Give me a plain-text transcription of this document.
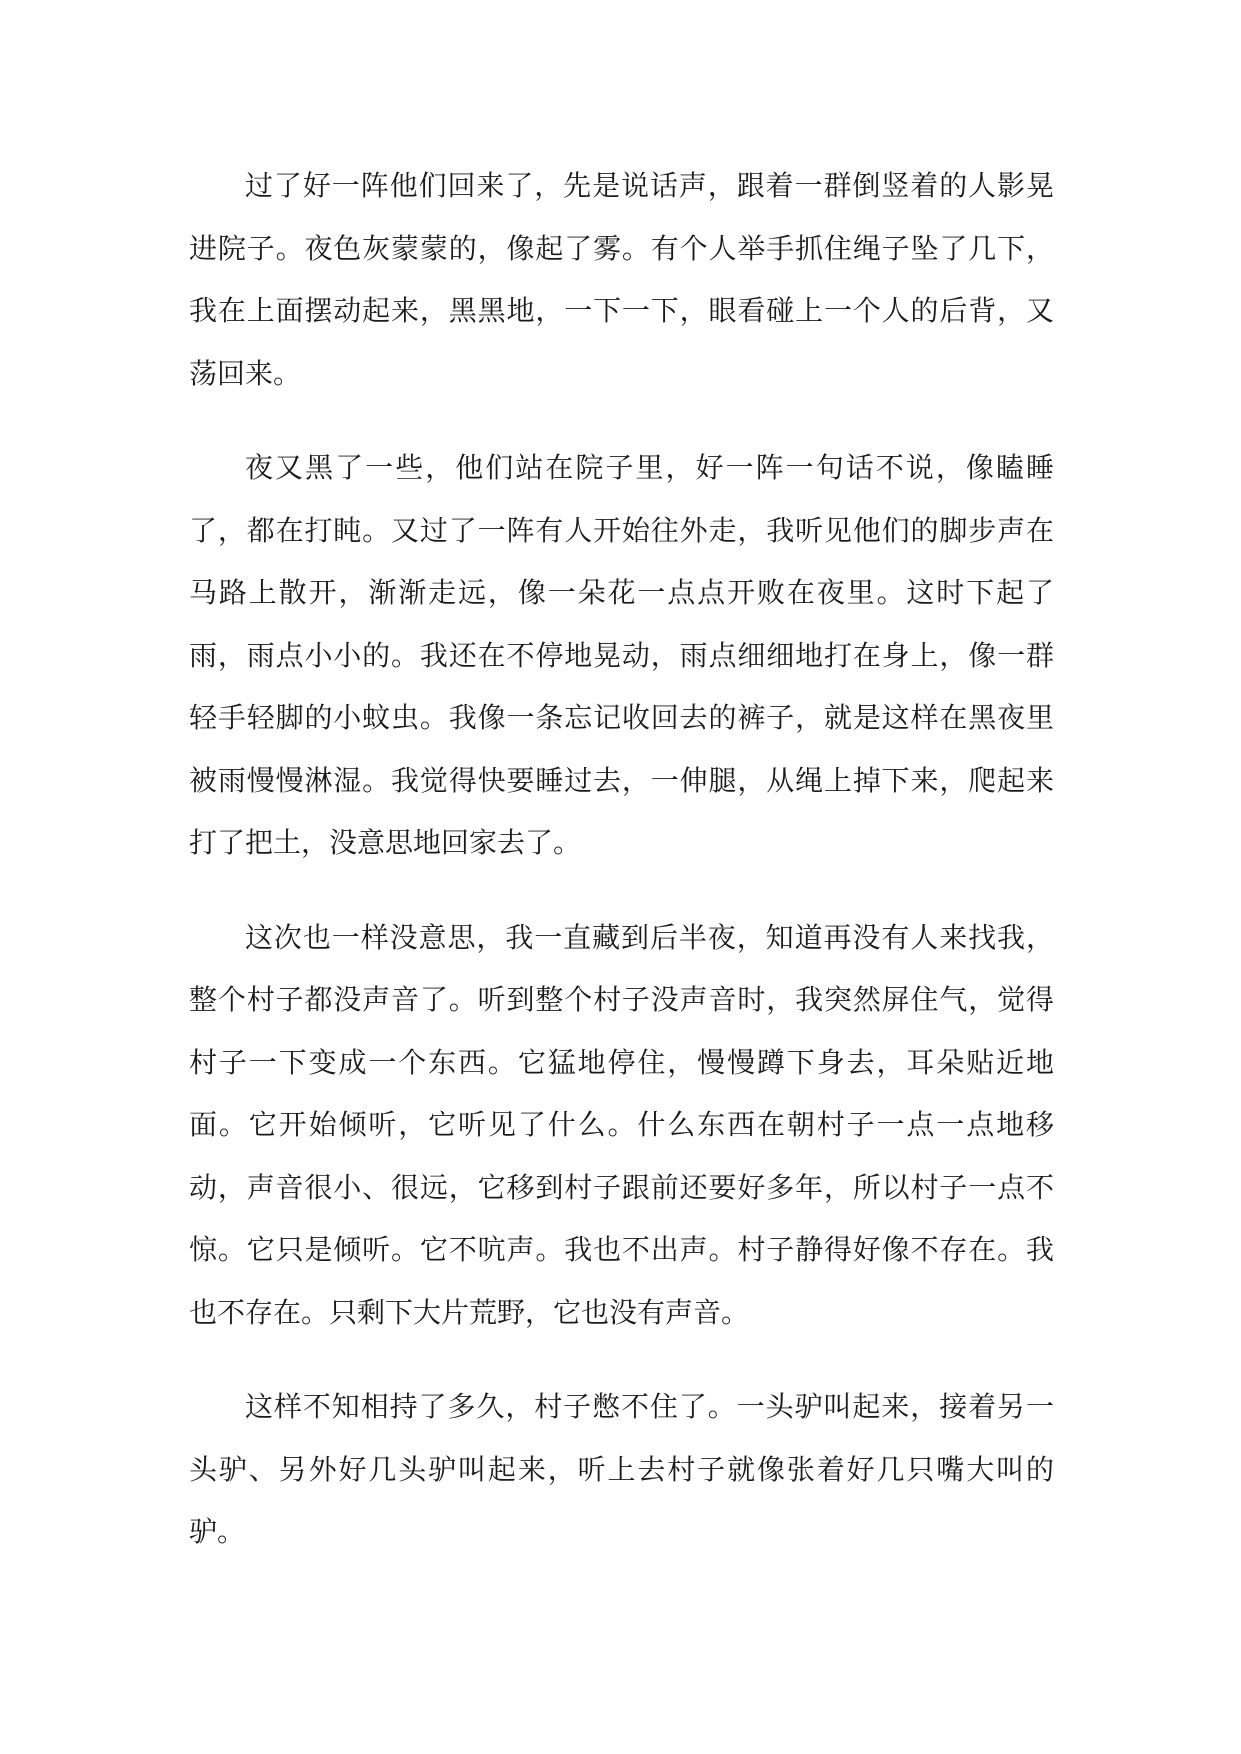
过了好一阵他们回来了，先是说话声，跟着一群倒竖着的人影晃进院子。夜色灰蒙蒙的，像起了雾。有个人举手抓住绳子坠了几下，我在上面摆动起来，黑黑地，一下一下，眼看碰上一个人的后背，又荡回来。

夜又黑了一些，他们站在院子里，好一阵一句话不说，像瞌睡了，都在打盹。又过了一阵有人开始往外走，我听见他们的脚步声在马路上散开，渐渐走远，像一朵花一点点开败在夜里。这时下起了雨，雨点小小的。我还在不停地晃动，雨点细细地打在身上，像一群轻手轻脚的小蚊虫。我像一条忘记收回去的裤子，就是这样在黑夜里被雨慢慢淋湿。我觉得快要睡过去，一伸腿，从绳上掉下来，爬起来打了把土，没意思地回家去了。

这次也一样没意思，我一直藏到后半夜，知道再没有人来找我，整个村子都没声音了。听到整个村子没声音时，我突然屏住气，觉得村子一下变成一个东西。它猛地停住，慢慢蹲下身去，耳朵贴近地面。它开始倾听，它听见了什么。什么东西在朝村子一点一点地移动，声音很小、很远，它移到村子跟前还要好多年，所以村子一点不惊。它只是倾听。它不吭声。我也不出声。村子静得好像不存在。我也不存在。只剩下大片荒野，它也没有声音。

这样不知相持了多久，村子憋不住了。一头驴叫起来，接着另一头驴、另外好几头驴叫起来，听上去村子就像张着好几只嘴大叫的驴。
